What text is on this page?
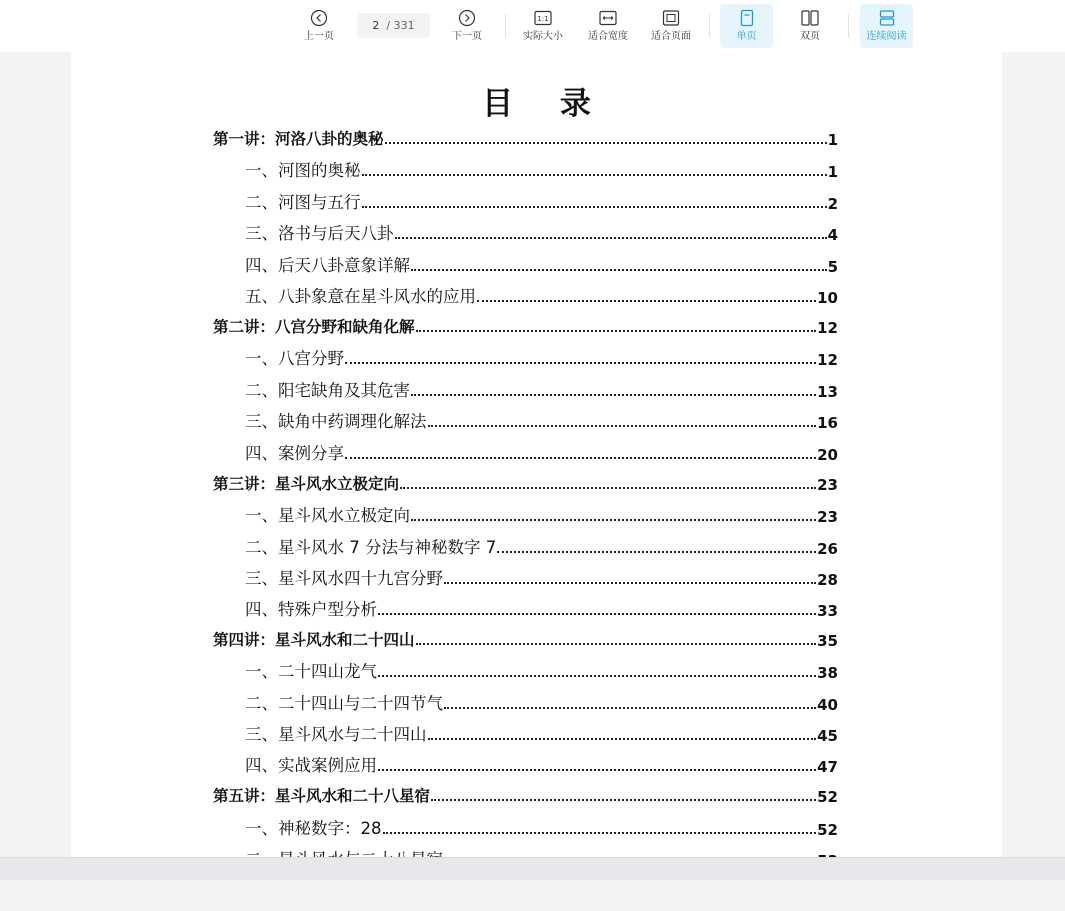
上一页
2 / 331
下一页
1:1
实际大小	适合宽度 适合页面	单页	双页	连续阅读
目 录
第一讲：河洛八卦的奥秘	1
一、河图的奥秘	1
二、河图与五行	2
三、洛书与后天八卦	4
四、后天八卦意象详解	5
五、八卦象意在星斗风水的应用	10
第二讲：八宫分野和缺角化解	12
一、八宫分野	12
二、阳宅缺角及其危害	13
三、缺角中药调理化解法	16
四、案例分享	20
第三讲：星斗风水立极定向	23
一、星斗风水立极定向	23
二、星斗风水 7 分法与神秘数字 7	26
三、星斗风水四十九宫分野	28
四、特殊户型分析	33
第四讲：星斗风水和二十四山	35
一、二十四山龙气	38
二、二十四山与二十四节气	40
三、星斗风水与二十四山	45
四、实战案例应用	47
第五讲：星斗风水和二十八星宿	52
一、神秘数字：28	52
